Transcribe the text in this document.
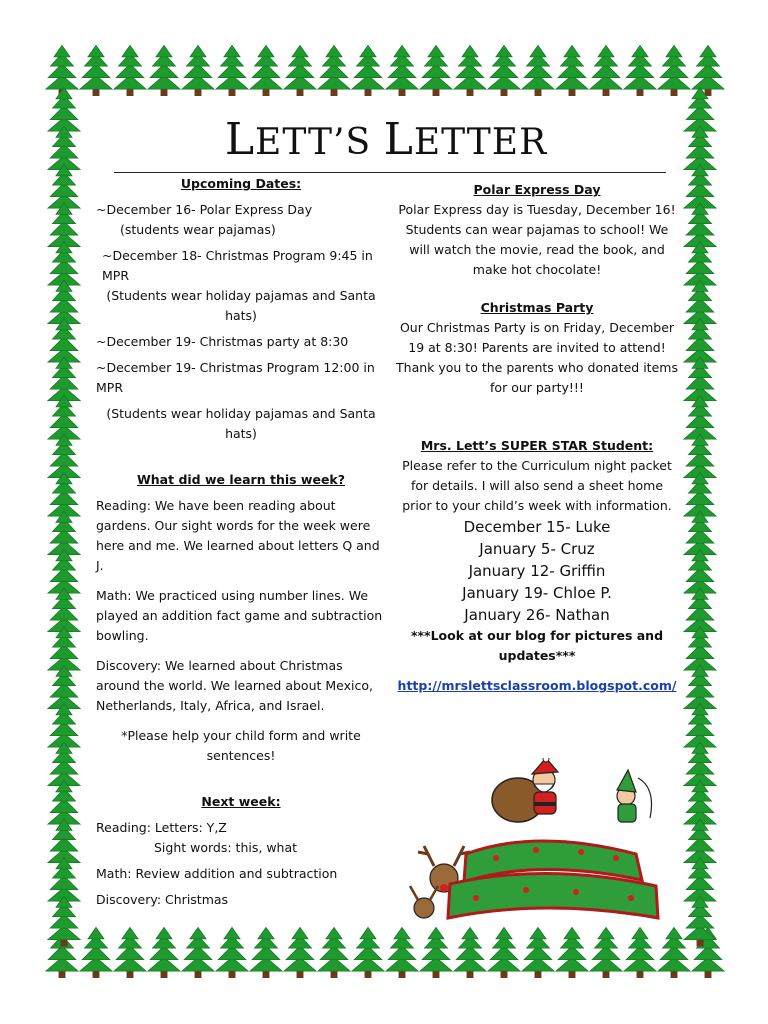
LETT’S LETTER

Upcoming Dates:

~December 16- Polar Express Day

(students wear pajamas)

~December 18- Christmas Program 9:45 in MPR

(Students wear holiday pajamas and Santa hats)

~December 19- Christmas party at 8:30

~December 19- Christmas Program 12:00 in MPR

(Students wear holiday pajamas and Santa hats)

What did we learn this week?

Reading: We have been reading about gardens. Our sight words for the week were here and me. We learned about letters Q and J.

Math: We practiced using number lines. We played an addition fact game and subtraction bowling.

Discovery: We learned about Christmas around the world. We learned about Mexico, Netherlands, Italy, Africa, and Israel.

*Please help your child form and write sentences!

Next week:

Reading: Letters: Y,Z

Sight words: this, what

Math: Review addition and subtraction

Discovery: Christmas

Polar Express Day

Polar Express day is Tuesday, December 16! Students can wear pajamas to school! We will watch the movie, read the book, and make hot chocolate!

Christmas Party

Our Christmas Party is on Friday, December 19 at 8:30! Parents are invited to attend! Thank you to the parents who donated items for our party!!!

Mrs. Lett’s SUPER STAR Student:

Please refer to the Curriculum night packet for details. I will also send a sheet home prior to your child’s week with information.

December 15- Luke

January 5- Cruz

January 12- Griffin

January 19- Chloe P.

January 26- Nathan

***Look at our blog for pictures and updates***

http://mrslettsclassroom.blogspot.com/
